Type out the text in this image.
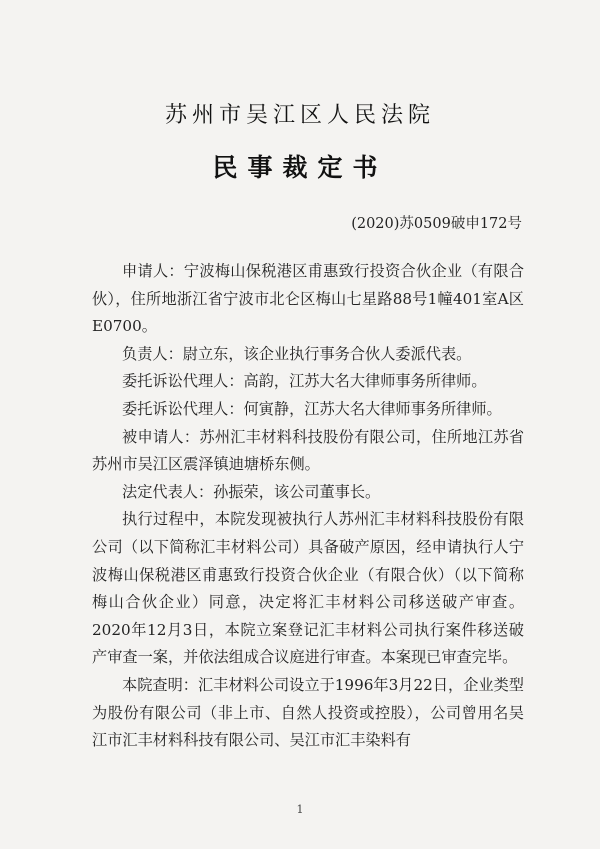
苏州市吴江区人民法院
民事裁定书
(2020)苏0509破申172号

申请人：宁波梅山保税港区甫惠致行投资合伙企业（有限合伙），住所地浙江省宁波市北仑区梅山七星路88号1幢401室A区E0700。

负责人：尉立东，该企业执行事务合伙人委派代表。

委托诉讼代理人：高韵，江苏大名大律师事务所律师。

委托诉讼代理人：何寅静，江苏大名大律师事务所律师。

被申请人：苏州汇丰材料科技股份有限公司，住所地江苏省苏州市吴江区震泽镇迪塘桥东侧。

法定代表人：孙振荣，该公司董事长。

执行过程中，本院发现被执行人苏州汇丰材料科技股份有限公司（以下简称汇丰材料公司）具备破产原因，经申请执行人宁波梅山保税港区甫惠致行投资合伙企业（有限合伙）（以下简称梅山合伙企业）同意，决定将汇丰材料公司移送破产审查。2020年12月3日，本院立案登记汇丰材料公司执行案件移送破产审查一案，并依法组成合议庭进行审查。本案现已审查完毕。

本院查明：汇丰材料公司设立于1996年3月22日，企业类型为股份有限公司（非上市、自然人投资或控股），公司曾用名吴江市汇丰材料科技有限公司、吴江市汇丰染料有

1
